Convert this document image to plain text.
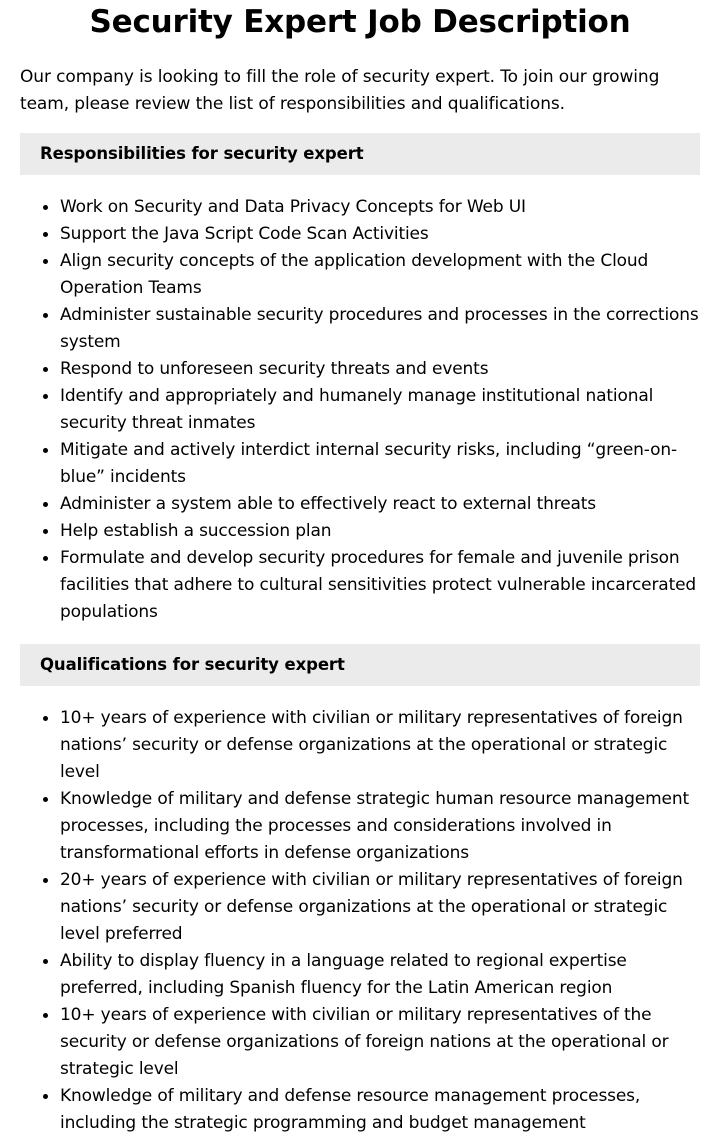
Security Expert Job Description

Our company is looking to fill the role of security expert. To join our growing team, please review the list of responsibilities and qualifications.

Responsibilities for security expert
Work on Security and Data Privacy Concepts for Web UI
Support the Java Script Code Scan Activities
Align security concepts of the application development with the Cloud Operation Teams
Administer sustainable security procedures and processes in the corrections system
Respond to unforeseen security threats and events
Identify and appropriately and humanely manage institutional national security threat inmates
Mitigate and actively interdict internal security risks, including “green-on-blue” incidents
Administer a system able to effectively react to external threats
Help establish a succession plan
Formulate and develop security procedures for female and juvenile prison facilities that adhere to cultural sensitivities protect vulnerable incarcerated populations
Qualifications for security expert
10+ years of experience with civilian or military representatives of foreign nations’ security or defense organizations at the operational or strategic level
Knowledge of military and defense strategic human resource management processes, including the processes and considerations involved in transformational efforts in defense organizations
20+ years of experience with civilian or military representatives of foreign nations’ security or defense organizations at the operational or strategic level preferred
Ability to display fluency in a language related to regional expertise preferred, including Spanish fluency for the Latin American region
10+ years of experience with civilian or military representatives of the security or defense organizations of foreign nations at the operational or strategic level
Knowledge of military and defense resource management processes, including the strategic programming and budget management
